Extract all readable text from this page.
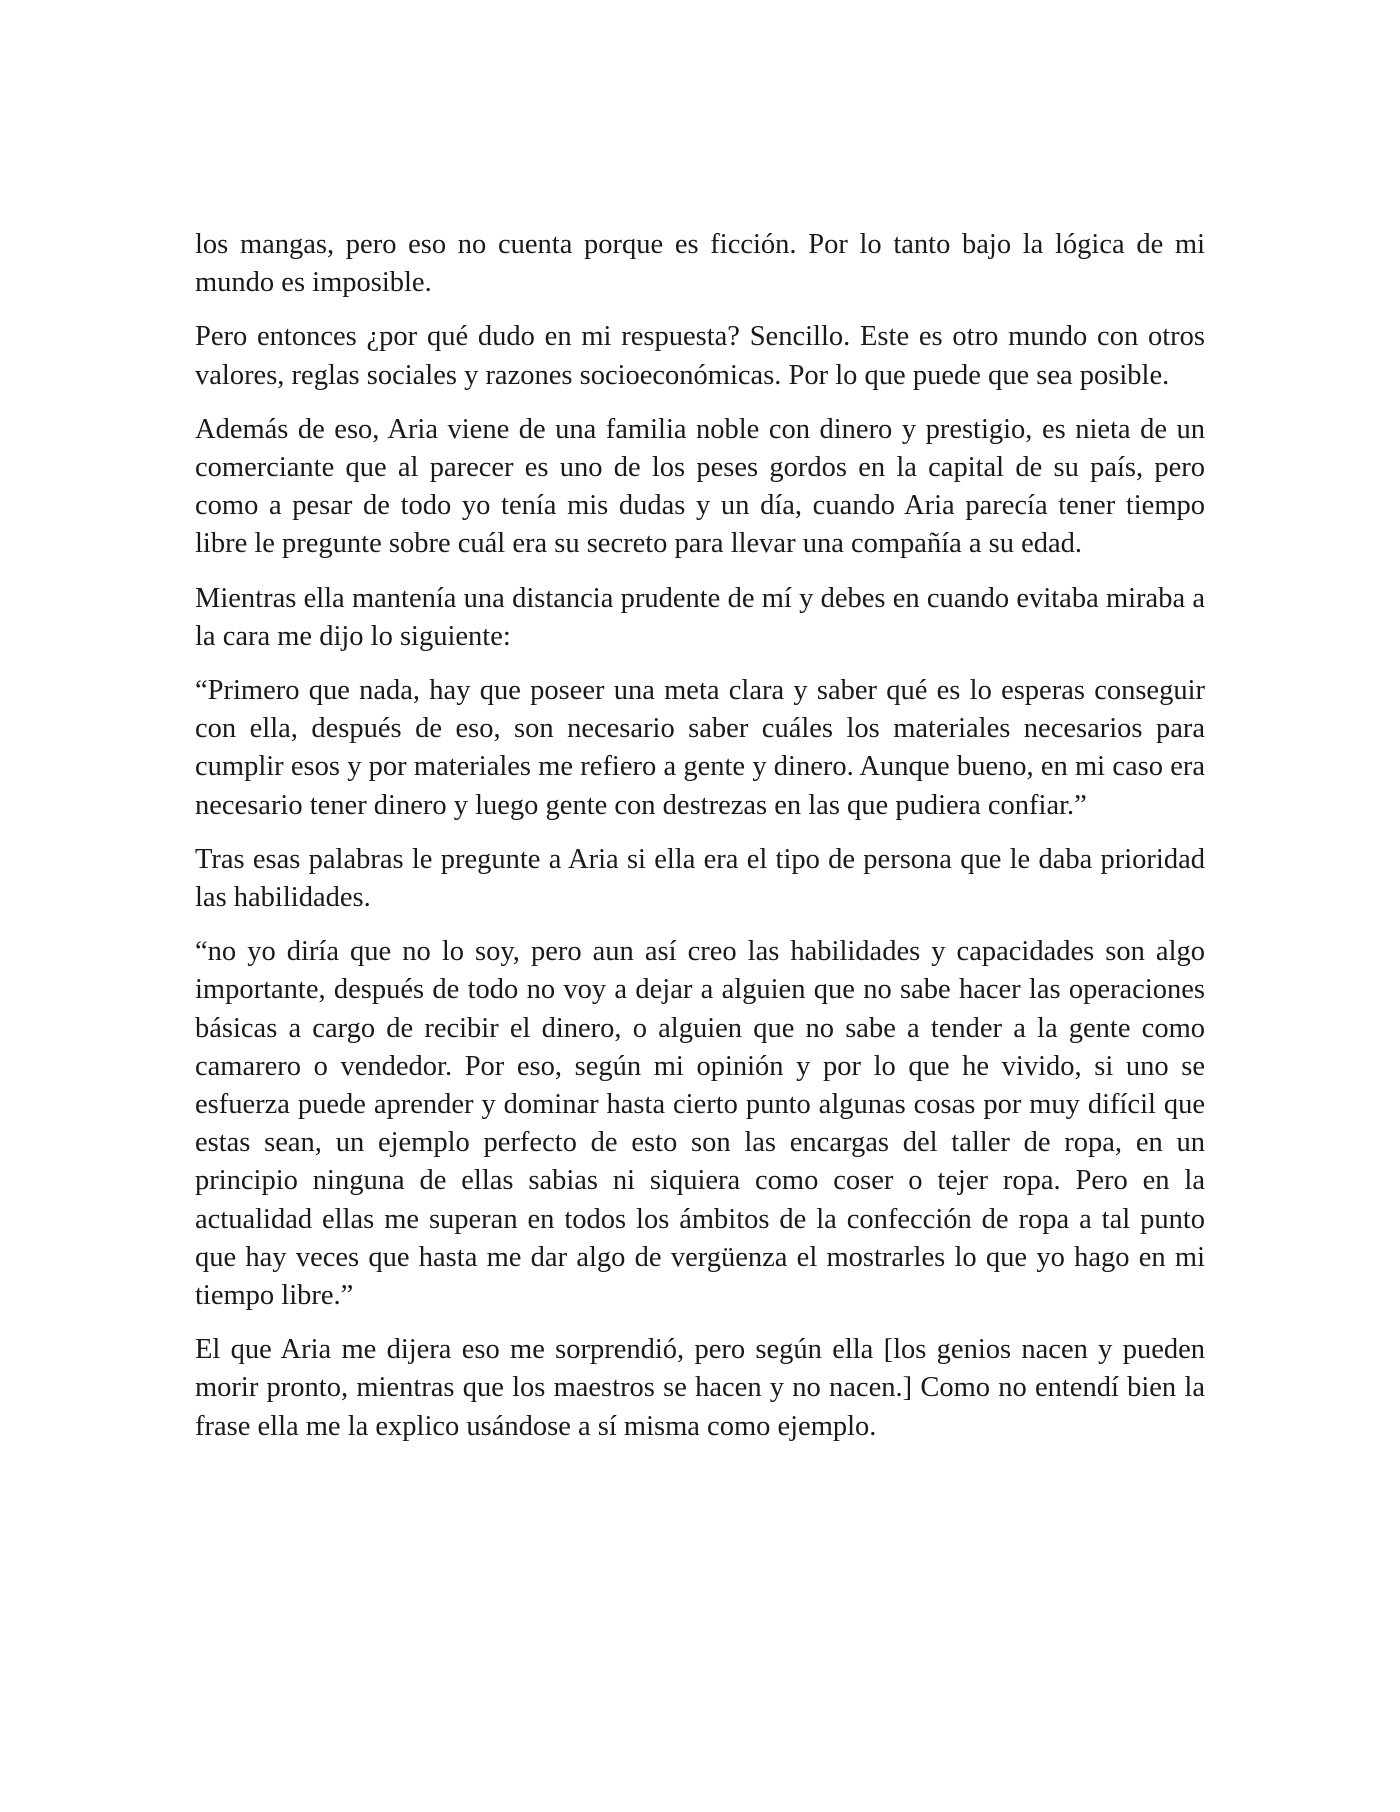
los mangas, pero eso no cuenta porque es ficción. Por lo tanto bajo la lógica de mi mundo es imposible.

Pero entonces ¿por qué dudo en mi respuesta? Sencillo. Este es otro mundo con otros valores, reglas sociales y razones socioeconómicas. Por lo que puede que sea posible.

Además de eso, Aria viene de una familia noble con dinero y prestigio, es nieta de un comerciante que al parecer es uno de los peses gordos en la capital de su país, pero como a pesar de todo yo tenía mis dudas y un día, cuando Aria parecía tener tiempo libre le pregunte sobre cuál era su secreto para llevar una compañía a su edad.

Mientras ella mantenía una distancia prudente de mí y debes en cuando evitaba miraba a la cara me dijo lo siguiente:

“Primero que nada, hay que poseer una meta clara y saber qué es lo esperas conseguir con ella, después de eso, son necesario saber cuáles los materiales necesarios para cumplir esos y por materiales me refiero a gente y dinero. Aunque bueno, en mi caso era necesario tener dinero y luego gente con destrezas en las que pudiera confiar.”

Tras esas palabras le pregunte a Aria si ella era el tipo de persona que le daba prioridad las habilidades.

“no yo diría que no lo soy, pero aun así creo las habilidades y capacidades son algo importante, después de todo no voy a dejar a alguien que no sabe hacer las operaciones básicas a cargo de recibir el dinero, o alguien que no sabe a tender a la gente como camarero o vendedor. Por eso, según mi opinión y por lo que he vivido, si uno se esfuerza puede aprender y dominar hasta cierto punto algunas cosas por muy difícil que estas sean, un ejemplo perfecto de esto son las encargas del taller de ropa, en un principio ninguna de ellas sabias ni siquiera como coser o tejer ropa. Pero en la actualidad ellas me superan en todos los ámbitos de la confección de ropa a tal punto que hay veces que hasta me dar algo de vergüenza el mostrarles lo que yo hago en mi tiempo libre.”

El que Aria me dijera eso me sorprendió, pero según ella [los genios nacen y pueden morir pronto, mientras que los maestros se hacen y no nacen.] Como no entendí bien la frase ella me la explico usándose a sí misma como ejemplo.
